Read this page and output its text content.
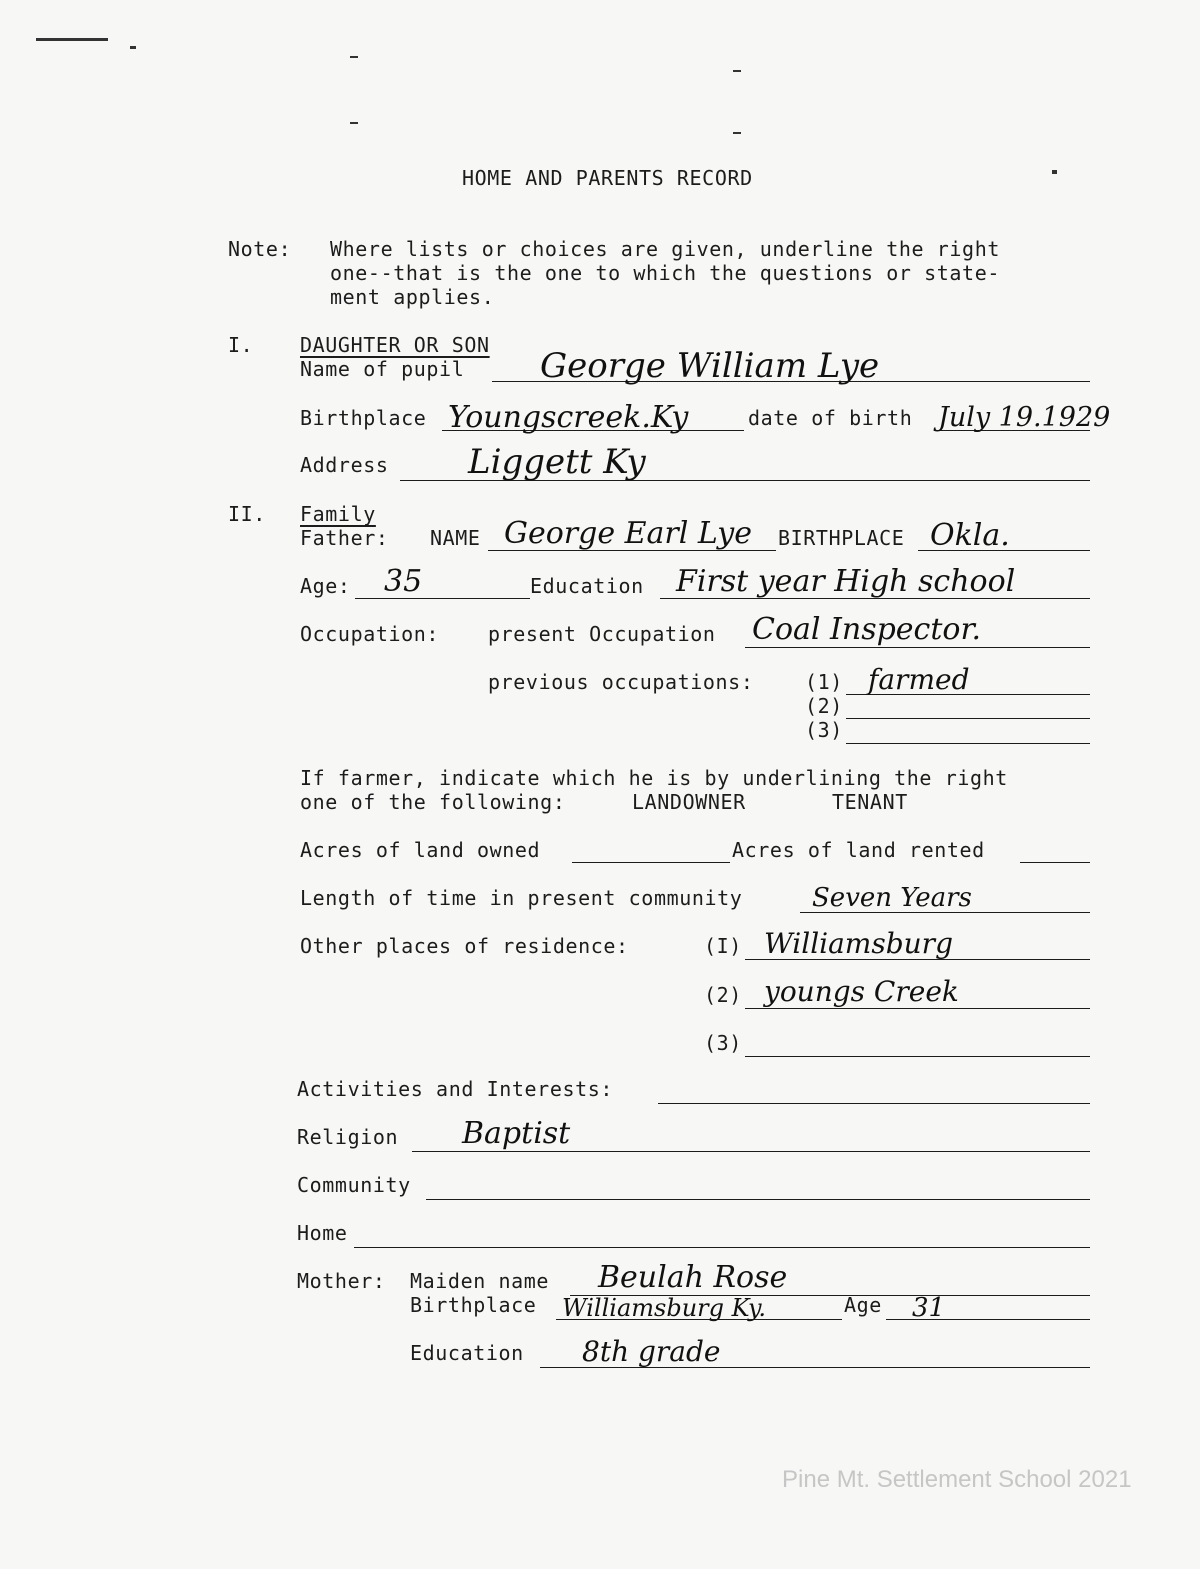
HOME AND PARENTS RECORD
Note: Where lists or choices are given, underline the right
one--that is the one to which the questions or state-
ment applies.
I. DAUGHTER OR SON
Name of pupil George William Lye
Birthplace Youngscreek.Ky	date of birth July 19.1929
Address Liggett Ky
II. Family
Father: NAME George Earl Lye BIRTHPLACE Okla.
Age: 35	Education First year High school
Occupation: present Occupation Coal Inspector.
previous occupations:	(1) farmed
(2)
(3)
If farmer, indicate which he is by underlining the right
one of the following:	LANDOWNER	TENANT
Acres of land owned	Acres of land rented
Length of time in present community	Seven Years
Other places of residence:	(I) Williamsburg
(2) youngs Creek
(3)
Activities and Interests:
Religion Baptist
Community
Home
Mother: Maiden name Beulah Rose
Birthplace Williamsburg Ky.	Age 31
Education 8th grade
Pine Mt. Settlement School 2021
